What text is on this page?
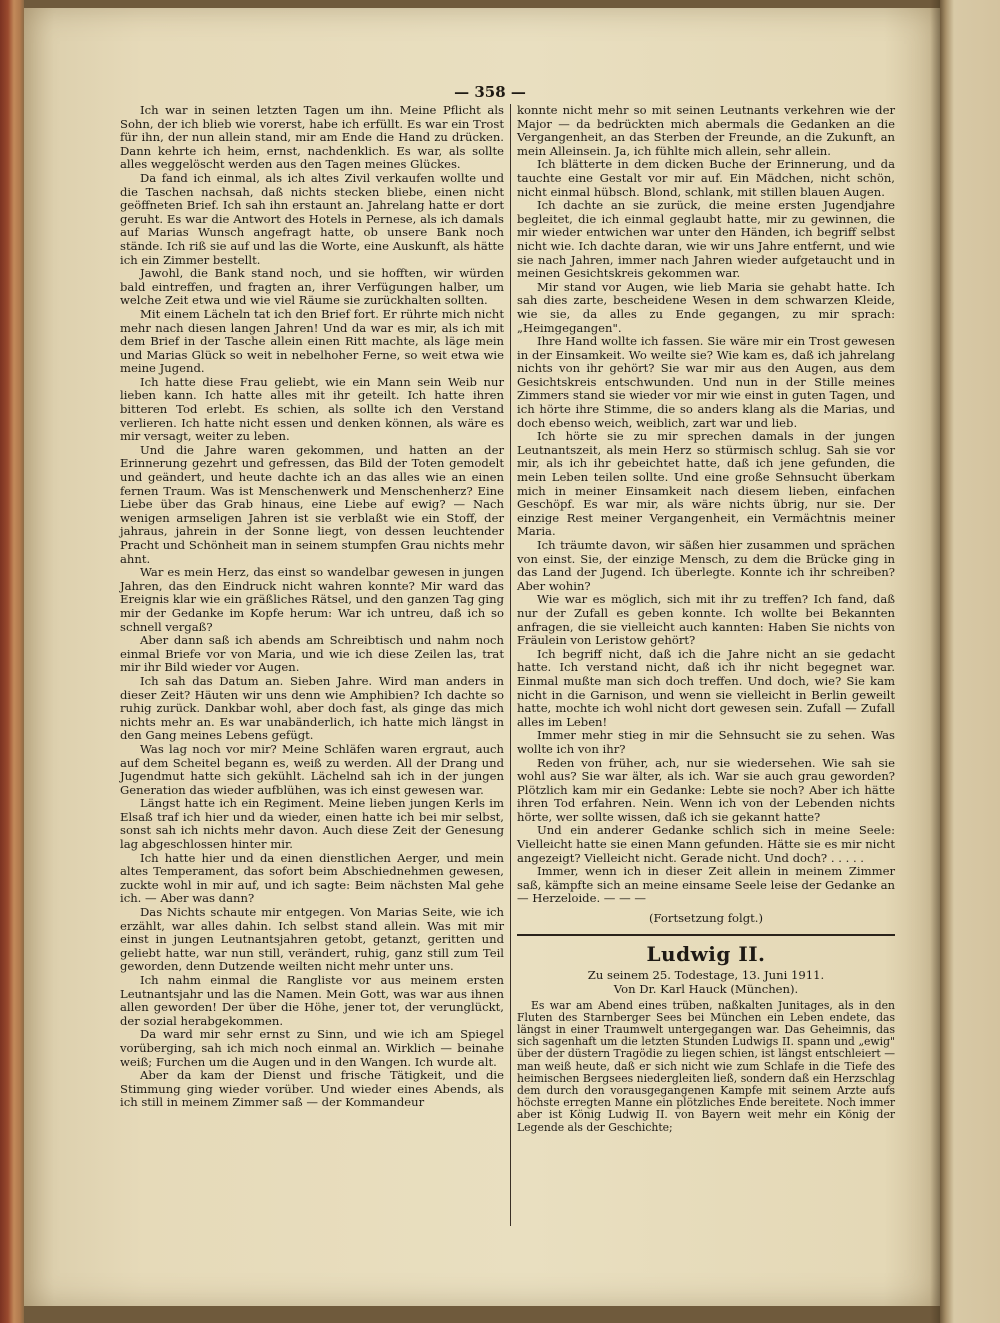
— 358 —

Ich war in seinen letzten Tagen um ihn. Meine Pflicht als Sohn, der ich blieb wie vorerst, habe ich erfüllt. Es war ein Trost für ihn, der nun allein stand, mir am Ende die Hand zu drücken. Dann kehrte ich heim, ernst, nachdenklich. Es war, als sollte alles weggelöscht werden aus den Tagen meines Glückes.

Da fand ich einmal, als ich altes Zivil verkaufen wollte und die Taschen nachsah, daß nichts stecken bliebe, einen nicht geöffneten Brief. Ich sah ihn erstaunt an. Jahrelang hatte er dort geruht. Es war die Antwort des Hotels in Pernese, als ich damals auf Marias Wunsch angefragt hatte, ob unsere Bank noch stände. Ich riß sie auf und las die Worte, eine Auskunft, als hätte ich ein Zimmer bestellt.

Jawohl, die Bank stand noch, und sie hofften, wir würden bald eintreffen, und fragten an, ihrer Verfügungen halber, um welche Zeit etwa und wie viel Räume sie zurückhalten sollten.

Mit einem Lächeln tat ich den Brief fort. Er rührte mich nicht mehr nach diesen langen Jahren! Und da war es mir, als ich mit dem Brief in der Tasche allein einen Ritt machte, als läge mein und Marias Glück so weit in nebelhoher Ferne, so weit etwa wie meine Jugend.

Ich hatte diese Frau geliebt, wie ein Mann sein Weib nur lieben kann. Ich hatte alles mit ihr geteilt. Ich hatte ihren bitteren Tod erlebt. Es schien, als sollte ich den Verstand verlieren. Ich hatte nicht essen und denken können, als wäre es mir versagt, weiter zu leben.

Und die Jahre waren gekommen, und hatten an der Erinnerung gezehrt und gefressen, das Bild der Toten gemodelt und geändert, und heute dachte ich an das alles wie an einen fernen Traum. Was ist Menschenwerk und Menschenherz? Eine Liebe über das Grab hinaus, eine Liebe auf ewig? — Nach wenigen armseligen Jahren ist sie verblaßt wie ein Stoff, der jahraus, jahrein in der Sonne liegt, von dessen leuchtender Pracht und Schönheit man in seinem stumpfen Grau nichts mehr ahnt.

War es mein Herz, das einst so wandelbar gewesen in jungen Jahren, das den Eindruck nicht wahren konnte? Mir ward das Ereignis klar wie ein gräßliches Rätsel, und den ganzen Tag ging mir der Gedanke im Kopfe herum: War ich untreu, daß ich so schnell vergaß?

Aber dann saß ich abends am Schreibtisch und nahm noch einmal Briefe vor von Maria, und wie ich diese Zeilen las, trat mir ihr Bild wieder vor Augen.

Ich sah das Datum an. Sieben Jahre. Wird man anders in dieser Zeit? Häuten wir uns denn wie Amphibien? Ich dachte so ruhig zurück. Dankbar wohl, aber doch fast, als ginge das mich nichts mehr an. Es war unabänderlich, ich hatte mich längst in den Gang meines Lebens gefügt.

Was lag noch vor mir? Meine Schläfen waren ergraut, auch auf dem Scheitel begann es, weiß zu werden. All der Drang und Jugendmut hatte sich gekühlt. Lächelnd sah ich in der jungen Generation das wieder aufblühen, was ich einst gewesen war.

Längst hatte ich ein Regiment. Meine lieben jungen Kerls im Elsaß traf ich hier und da wieder, einen hatte ich bei mir selbst, sonst sah ich nichts mehr davon. Auch diese Zeit der Genesung lag abgeschlossen hinter mir.

Ich hatte hier und da einen dienstlichen Aerger, und mein altes Temperament, das sofort beim Abschiednehmen gewesen, zuckte wohl in mir auf, und ich sagte: Beim nächsten Mal gehe ich. — Aber was dann?

Das Nichts schaute mir entgegen. Von Marias Seite, wie ich erzählt, war alles dahin. Ich selbst stand allein. Was mit mir einst in jungen Leutnantsjahren getobt, getanzt, geritten und geliebt hatte, war nun still, verändert, ruhig, ganz still zum Teil geworden, denn Dutzende weilten nicht mehr unter uns.

Ich nahm einmal die Rangliste vor aus meinem ersten Leutnantsjahr und las die Namen. Mein Gott, was war aus ihnen allen geworden! Der über die Höhe, jener tot, der verunglückt, der sozial herabgekommen.

Da ward mir sehr ernst zu Sinn, und wie ich am Spiegel vorüberging, sah ich mich noch einmal an. Wirklich — beinahe weiß; Furchen um die Augen und in den Wangen. Ich wurde alt.

Aber da kam der Dienst und frische Tätigkeit, und die Stimmung ging wieder vorüber. Und wieder eines Abends, als ich still in meinem Zimmer saß — der Kommandeur

konnte nicht mehr so mit seinen Leutnants verkehren wie der Major — da bedrückten mich abermals die Gedanken an die Vergangenheit, an das Sterben der Freunde, an die Zukunft, an mein Alleinsein. Ja, ich fühlte mich allein, sehr allein.

Ich blätterte in dem dicken Buche der Erinnerung, und da tauchte eine Gestalt vor mir auf. Ein Mädchen, nicht schön, nicht einmal hübsch. Blond, schlank, mit stillen blauen Augen.

Ich dachte an sie zurück, die meine ersten Jugendjahre begleitet, die ich einmal geglaubt hatte, mir zu gewinnen, die mir wieder entwichen war unter den Händen, ich begriff selbst nicht wie. Ich dachte daran, wie wir uns Jahre entfernt, und wie sie nach Jahren, immer nach Jahren wieder aufgetaucht und in meinen Gesichtskreis gekommen war.

Mir stand vor Augen, wie lieb Maria sie gehabt hatte. Ich sah dies zarte, bescheidene Wesen in dem schwarzen Kleide, wie sie, da alles zu Ende gegangen, zu mir sprach: „Heimgegangen".

Ihre Hand wollte ich fassen. Sie wäre mir ein Trost gewesen in der Einsamkeit. Wo weilte sie? Wie kam es, daß ich jahrelang nichts von ihr gehört? Sie war mir aus den Augen, aus dem Gesichtskreis entschwunden. Und nun in der Stille meines Zimmers stand sie wieder vor mir wie einst in guten Tagen, und ich hörte ihre Stimme, die so anders klang als die Marias, und doch ebenso weich, weiblich, zart war und lieb.

Ich hörte sie zu mir sprechen damals in der jungen Leutnantszeit, als mein Herz so stürmisch schlug. Sah sie vor mir, als ich ihr gebeichtet hatte, daß ich jene gefunden, die mein Leben teilen sollte. Und eine große Sehnsucht überkam mich in meiner Einsamkeit nach diesem lieben, einfachen Geschöpf. Es war mir, als wäre nichts übrig, nur sie. Der einzige Rest meiner Vergangenheit, ein Vermächtnis meiner Maria.

Ich träumte davon, wir säßen hier zusammen und sprächen von einst. Sie, der einzige Mensch, zu dem die Brücke ging in das Land der Jugend. Ich überlegte. Konnte ich ihr schreiben? Aber wohin?

Wie war es möglich, sich mit ihr zu treffen? Ich fand, daß nur der Zufall es geben konnte. Ich wollte bei Bekannten anfragen, die sie vielleicht auch kannten: Haben Sie nichts von Fräulein von Leristow gehört?

Ich begriff nicht, daß ich die Jahre nicht an sie gedacht hatte. Ich verstand nicht, daß ich ihr nicht begegnet war. Einmal mußte man sich doch treffen. Und doch, wie? Sie kam nicht in die Garnison, und wenn sie vielleicht in Berlin geweilt hatte, mochte ich wohl nicht dort gewesen sein. Zufall — Zufall alles im Leben!

Immer mehr stieg in mir die Sehnsucht sie zu sehen. Was wollte ich von ihr?

Reden von früher, ach, nur sie wiedersehen. Wie sah sie wohl aus? Sie war älter, als ich. War sie auch grau geworden? Plötzlich kam mir ein Gedanke: Lebte sie noch? Aber ich hätte ihren Tod erfahren. Nein. Wenn ich von der Lebenden nichts hörte, wer sollte wissen, daß ich sie gekannt hatte?

Und ein anderer Gedanke schlich sich in meine Seele: Vielleicht hatte sie einen Mann gefunden. Hätte sie es mir nicht angezeigt? Vielleicht nicht. Gerade nicht. Und doch? . . . . .

Immer, wenn ich in dieser Zeit allein in meinem Zimmer saß, kämpfte sich an meine einsame Seele leise der Gedanke an — Herzeloide. — — —

(Fortsetzung folgt.)
Ludwig II.
Zu seinem 25. Todestage, 13. Juni 1911.
Von Dr. Karl Hauck (München).

Es war am Abend eines trüben, naßkalten Junitages, als in den Fluten des Starnberger Sees bei München ein Leben endete, das längst in einer Traumwelt untergegangen war. Das Geheimnis, das sich sagenhaft um die letzten Stunden Ludwigs II. spann und „ewig" über der düstern Tragödie zu liegen schien, ist längst entschleiert — man weiß heute, daß er sich nicht wie zum Schlafe in die Tiefe des heimischen Bergsees niedergleiten ließ, sondern daß ein Herzschlag dem durch den vorausgegangenen Kampfe mit seinem Arzte aufs höchste erregten Manne ein plötzliches Ende bereitete. Noch immer aber ist König Ludwig II. von Bayern weit mehr ein König der Legende als der Geschichte;
